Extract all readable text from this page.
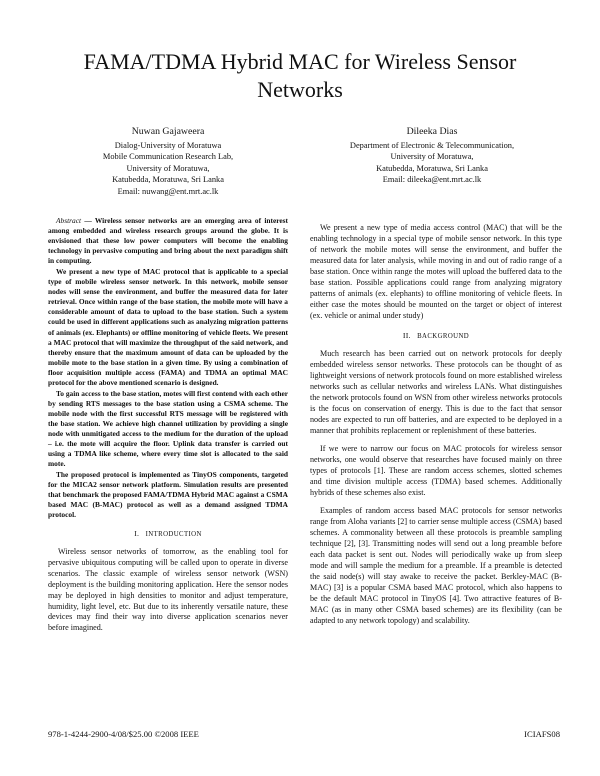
FAMA/TDMA Hybrid MAC for Wireless Sensor Networks
Nuwan Gajaweera
Dialog-University of Moratuwa
Mobile Communication Research Lab,
University of Moratuwa,
Katubedda, Moratuwa, Sri Lanka
Email: nuwang@ent.mrt.ac.lk
Dileeka Dias
Department of Electronic & Telecommunication,
University of Moratuwa,
Katubedda, Moratuwa, Sri Lanka
Email: dileeka@ent.mrt.ac.lk

Abstract — Wireless sensor networks are an emerging area of interest among embedded and wireless research groups around the globe. It is envisioned that these low power computers will become the enabling technology in pervasive computing and bring about the next paradigm shift in computing.

We present a new type of MAC protocol that is applicable to a special type of mobile wireless sensor network. In this network, mobile sensor nodes will sense the environment, and buffer the measured data for later retrieval. Once within range of the base station, the mobile mote will have a considerable amount of data to upload to the base station. Such a system could be used in different applications such as analyzing migration patterns of animals (ex. Elephants) or offline monitoring of vehicle fleets. We present a MAC protocol that will maximize the throughput of the said network, and thereby ensure that the maximum amount of data can be uploaded by the mobile mote to the base station in a given time. By using a combination of floor acquisition multiple access (FAMA) and TDMA an optimal MAC protocol for the above mentioned scenario is designed.

To gain access to the base station, motes will first contend with each other by sending RTS messages to the base station using a CSMA scheme. The mobile node with the first successful RTS message will be registered with the base station. We achieve high channel utilization by providing a single node with unmitigated access to the medium for the duration of the upload – i.e. the mote will acquire the floor. Uplink data transfer is carried out using a TDMA like scheme, where every time slot is allocated to the said mote.

The proposed protocol is implemented as TinyOS components, targeted for the MICA2 sensor network platform. Simulation results are presented that benchmark the proposed FAMA/TDMA Hybrid MAC against a CSMA based MAC (B-MAC) protocol as well as a demand assigned TDMA protocol.

I. INTRODUCTION

Wireless sensor networks of tomorrow, as the enabling tool for pervasive ubiquitous computing will be called upon to operate in diverse scenarios. The classic example of wireless sensor network (WSN) deployment is the building monitoring application. Here the sensor nodes may be deployed in high densities to monitor and adjust temperature, humidity, light level, etc. But due to its inherently versatile nature, these devices may find their way into diverse application scenarios never before imagined.

We present a new type of media access control (MAC) that will be the enabling technology in a special type of mobile sensor network. In this type of network the mobile motes will sense the environment, and buffer the measured data for later analysis, while moving in and out of radio range of a base station. Once within range the motes will upload the buffered data to the base station. Possible applications could range from analyzing migratory patterns of animals (ex. elephants) to offline monitoring of vehicle fleets. In either case the motes should be mounted on the target or object of interest (ex. vehicle or animal under study)

II. BACKGROUND

Much research has been carried out on network protocols for deeply embedded wireless sensor networks. These protocols can be thought of as lightweight versions of network protocols found on more established wireless networks such as cellular networks and wireless LANs. What distinguishes the network protocols found on WSN from other wireless networks protocols is the focus on conservation of energy. This is due to the fact that sensor nodes are expected to run off batteries, and are expected to be deployed in a manner that prohibits replacement or replenishment of these batteries.

If we were to narrow our focus on MAC protocols for wireless sensor networks, one would observe that researches have focused mainly on three types of protocols [1]. These are random access schemes, slotted schemes and time division multiple access (TDMA) based schemes. Additionally hybrids of these schemes also exist.

Examples of random access based MAC protocols for sensor networks range from Aloha variants [2] to carrier sense multiple access (CSMA) based schemes. A commonality between all these protocols is preamble sampling technique [2], [3]. Transmitting nodes will send out a long preamble before each data packet is sent out. Nodes will periodically wake up from sleep mode and will sample the medium for a preamble. If a preamble is detected the said node(s) will stay awake to receive the packet. Berkley-MAC (B-MAC) [3] is a popular CSMA based MAC protocol, which also happens to be the default MAC protocol in TinyOS [4]. Two attractive features of B-MAC (as in many other CSMA based schemes) are its flexibility (can be adapted to any network topology) and scalability.

978-1-4244-2900-4/08/$25.00 ©2008 IEEE	ICIAFS08
